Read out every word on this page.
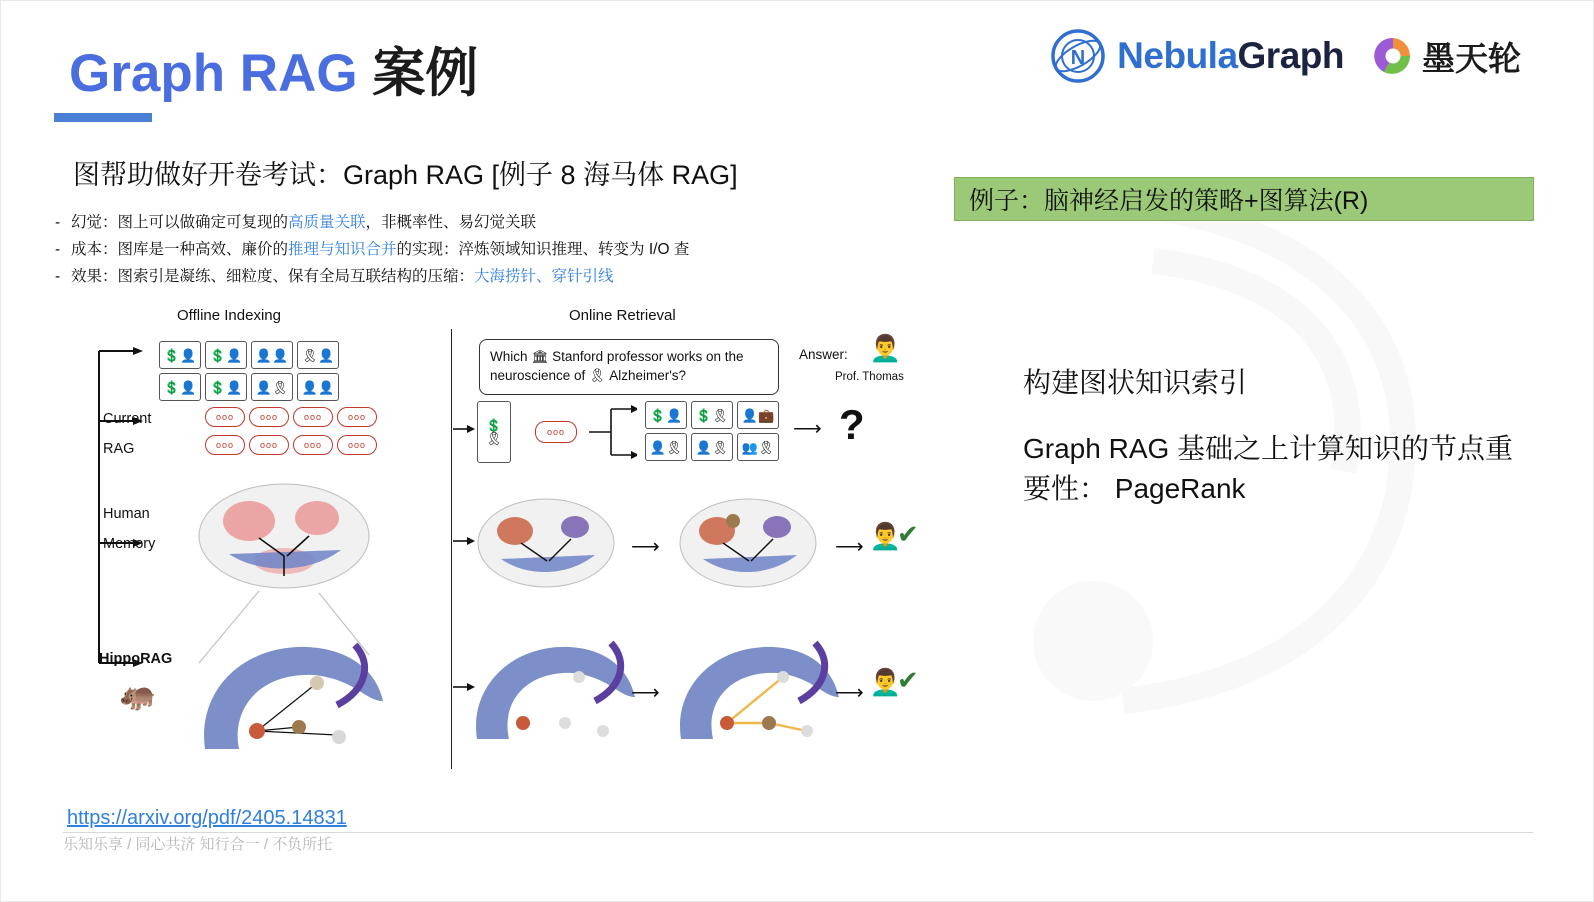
Graph RAG 案例	N NebulaGraph 墨天轮
图帮助做好开卷考试：Graph RAG [例子 8 海马体 RAG]
- 幻觉：图上可以做确定可复现的高质量关联，非概率性、易幻觉关联
- 成本：图库是一种高效、廉价的推理与知识合并的实现：淬炼领域知识推理、转变为 I/O 查
- 效果：图索引是凝练、细粒度、保有全局互联结构的压缩：大海捞针、穿针引线
Offline Indexing	Online Retrieval
💲👤	💲👤	👤👤	🎗👤
💲👤	💲👤	👤🎗	👤👤
Current
RAG
Human
Memory
HippoRAG
🦛
ooo	ooo	ooo	ooo
ooo	ooo	ooo	ooo
Which 🏛 Stanford professor works on the neuroscience of 🎗 Alzheimer's?
Answer: 👨‍🦱
Prof. Thomas
💲
🎗	ooo
💲👤	💲🎗	👤💼
👤🎗	👤🎗	👥🎗
⟶ ?
⟶	⟶ 👨‍🦱
✔
⟶	⟶ 👨‍🦱
✔
https://arxiv.org/pdf/2405.14831
乐知乐享 / 同心共济 知行合一 / 不负所托
例子：脑神经启发的策略+图算法(R)
构建图状知识索引
Graph RAG 基础之上计算知识的节点重要性： PageRank
